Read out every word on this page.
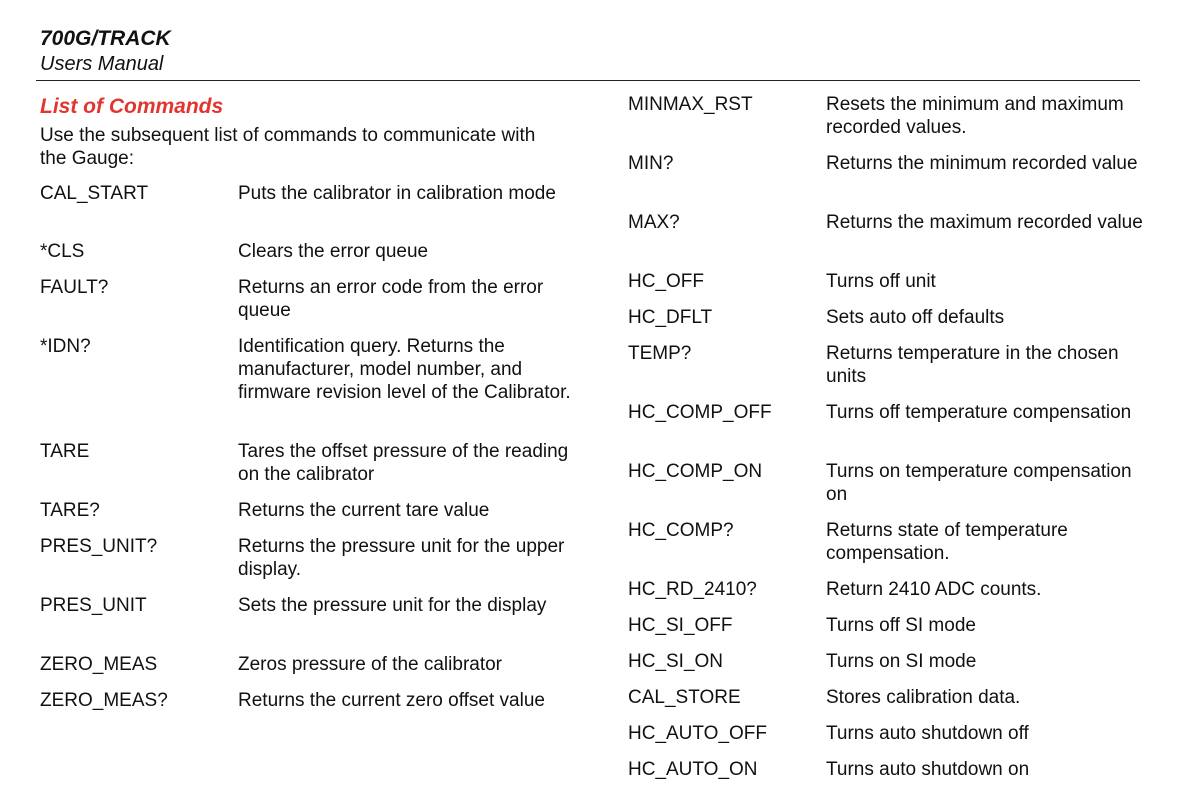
700G/TRACK
Users Manual
List of Commands
Use the subsequent list of commands to communicate with the Gauge:
CAL_START	Puts the calibrator in calibration mode
*CLS	Clears the error queue
FAULT?	Returns an error code from the error queue
*IDN?	Identification query. Returns the manufacturer, model number, and firmware revision level of the Calibrator.
TARE	Tares the offset pressure of the reading on the calibrator
TARE?	Returns the current tare value
PRES_UNIT?	Returns the pressure unit for the upper display.
PRES_UNIT	Sets the pressure unit for the display
ZERO_MEAS	Zeros pressure of the calibrator
ZERO_MEAS?	Returns the current zero offset value
MINMAX_RST	Resets the minimum and maximum recorded values.
MIN?	Returns the minimum recorded value
MAX?	Returns the maximum recorded value
HC_OFF	Turns off unit
HC_DFLT	Sets auto off defaults
TEMP?	Returns temperature in the chosen units
HC_COMP_OFF	Turns off temperature compensation
HC_COMP_ON	Turns on temperature compensation on
HC_COMP?	Returns state of temperature compensation.
HC_RD_2410?	Return 2410 ADC counts.
HC_SI_OFF	Turns off SI mode
HC_SI_ON	Turns on SI mode
CAL_STORE	Stores calibration data.
HC_AUTO_OFF	Turns auto shutdown off
HC_AUTO_ON	Turns auto shutdown on
